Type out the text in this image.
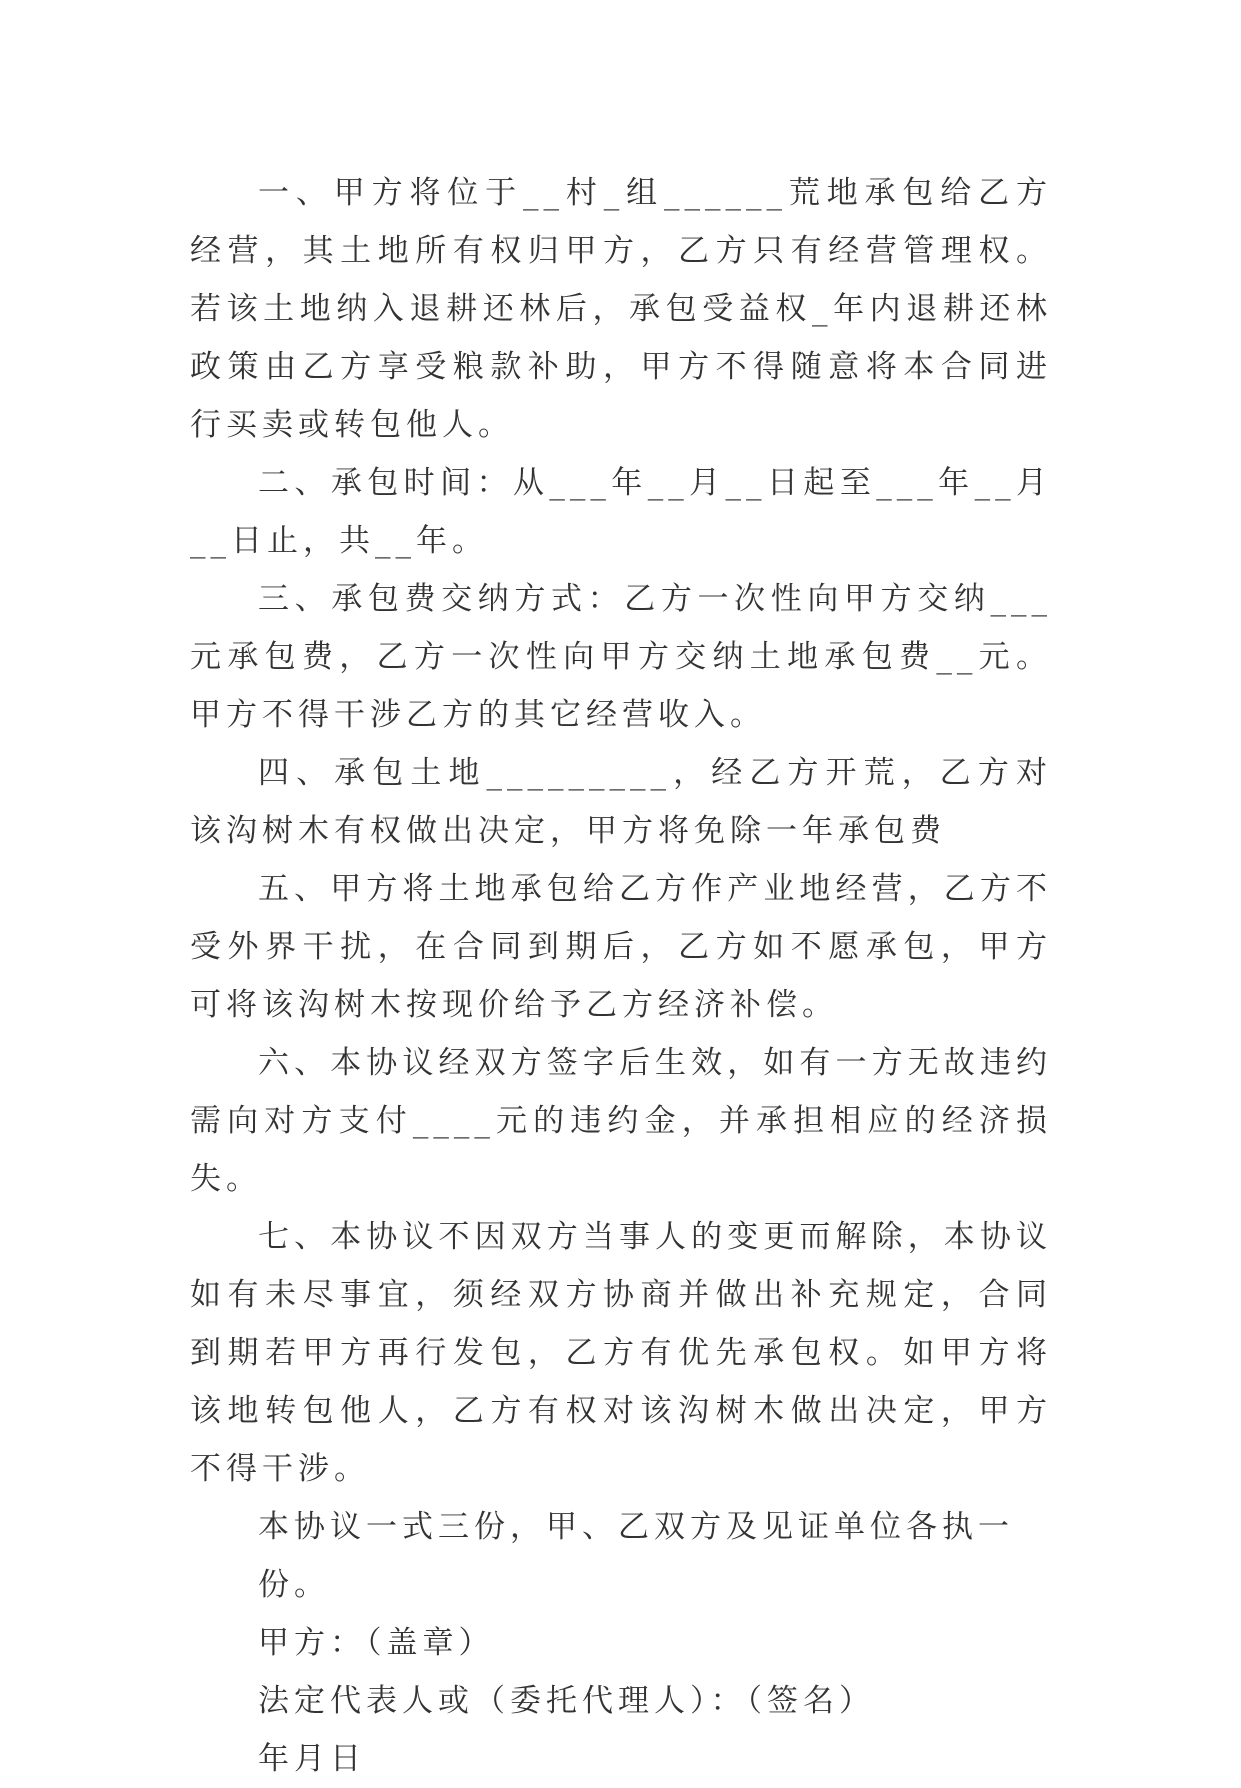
一、甲方将位于__村_组______荒地承包给乙方经营，其土地所有权归甲方，乙方只有经营管理权。若该土地纳入退耕还林后，承包受益权_年内退耕还林政策由乙方享受粮款补助，甲方不得随意将本合同进行买卖或转包他人。

二、承包时间：从___年__月__日起至___年__月__日止，共__年。

三、承包费交纳方式：乙方一次性向甲方交纳___元承包费，乙方一次性向甲方交纳土地承包费__元。甲方不得干涉乙方的其它经营收入。

四、承包土地_________，经乙方开荒，乙方对该沟树木有权做出决定，甲方将免除一年承包费

五、甲方将土地承包给乙方作产业地经营，乙方不受外界干扰，在合同到期后，乙方如不愿承包，甲方可将该沟树木按现价给予乙方经济补偿。

六、本协议经双方签字后生效，如有一方无故违约需向对方支付____元的违约金，并承担相应的经济损失。

七、本协议不因双方当事人的变更而解除，本协议如有未尽事宜，须经双方协商并做出补充规定，合同到期若甲方再行发包，乙方有优先承包权。如甲方将该地转包他人，乙方有权对该沟树木做出决定，甲方不得干涉。

本协议一式三份，甲、乙双方及见证单位各执一份。

甲方：（盖章）

法定代表人或（委托代理人）：（签名）

年月日
